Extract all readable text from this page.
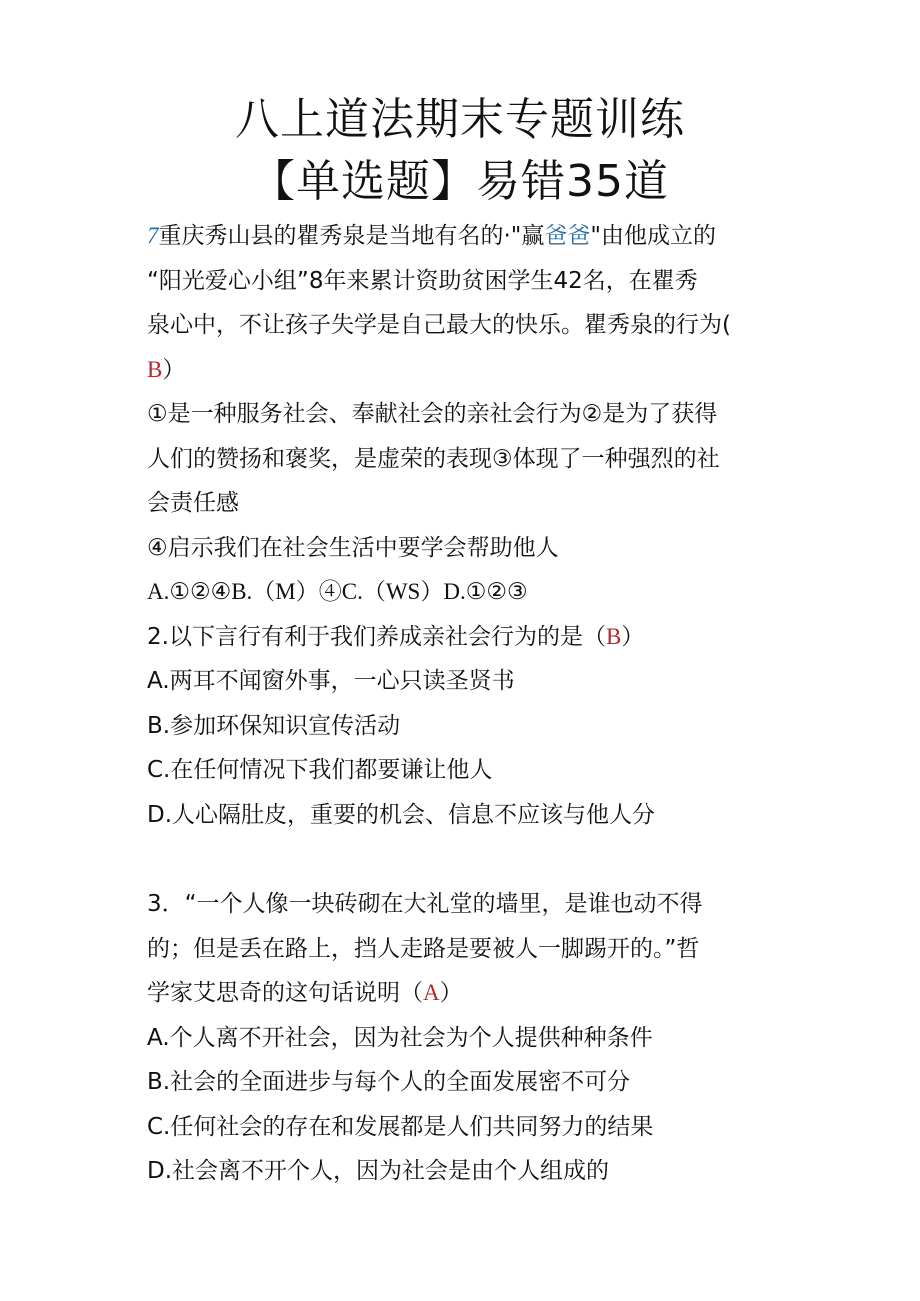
八上道法期末专题训练
【单选题】易错35道
7重庆秀山县的瞿秀泉是当地有名的·"赢爸爸"由他成立的
“阳光爱心小组”8年来累计资助贫困学生42名，在瞿秀
泉心中，不让孩子失学是自己最大的快乐。瞿秀泉的行为(
B）
①是一种服务社会、奉献社会的亲社会行为②是为了获得
人们的赞扬和褒奖，是虚荣的表现③体现了一种强烈的社
会责任感
④启示我们在社会生活中要学会帮助他人
A.①②④B.（M）④C.（WS）D.①②③
2.以下言行有利于我们养成亲社会行为的是（B）
A.两耳不闻窗外事，一心只读圣贤书
B.参加环保知识宣传活动
C.在任何情况下我们都要谦让他人
D.人心隔肚皮，重要的机会、信息不应该与他人分
3．“一个人像一块砖砌在大礼堂的墙里，是谁也动不得
的；但是丢在路上，挡人走路是要被人一脚踢开的。”哲
学家艾思奇的这句话说明（A）
A.个人离不开社会，因为社会为个人提供种种条件
B.社会的全面进步与每个人的全面发展密不可分
C.任何社会的存在和发展都是人们共同努力的结果
D.社会离不开个人，因为社会是由个人组成的
